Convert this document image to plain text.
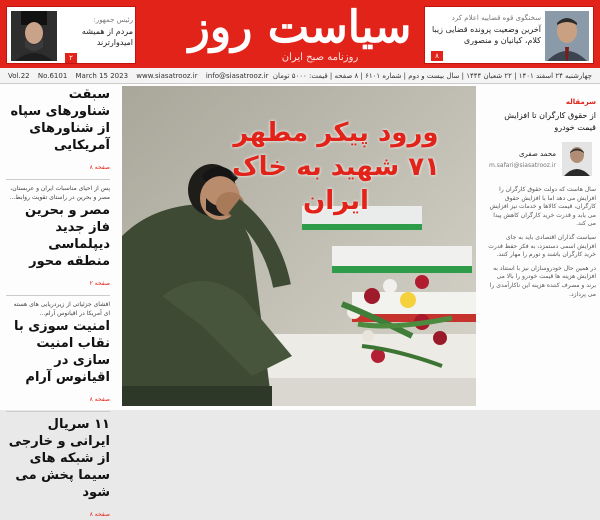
رئیس جمهور:
مردم از همیشه امیدوارترند
۲
سیاست روز
روزنامه صبح ایران
سخنگوی قوه قضاییه اعلام کرد
آخرین وضعیت پرونده قضایی زیبا کلام، کیانیان و منصوری
۸
Vol.22 No.6101 March 15 2023 www.siasatrooz.ir info@siasatrooz.ir چهارشنبه ۲۴ اسفند ۱۴۰۱ | ۲۲ شعبان ۱۴۴۴ | سال بیست و دوم | شماره ۶۱۰۱ | ۸ صفحه | قیمت: ۵۰۰۰ تومان
سبقت شناورهای سپاه از شناورهای آمریکایی
صفحه ۸
پس از احیای مناسبات ایران و عربستان، مصر و بحرین در راستای تقویت روابط...
مصر و بحرین فاز جدید دیپلماسی منطقه محور
صفحه ۲
افشای جزئیاتی از زیردریایی های هسته ای آمریکا در اقیانوس آرام...
امنیت سوزی با نقاب امنیت سازی در اقیانوس آرام
صفحه ۸
۱۱ سریال ایرانی و خارجی از شبکه های سیما پخش می شود
صفحه ۸
ورود پیکر مطهر ۷۱ شهید به خاک ایران
سرمقاله
از حقوق کارگران تا افزایش قیمت خودرو
محمد صفری
m.safari@siasatrooz.ir

سال هاست که دولت حقوق کارگران را افزایش می دهد اما با افزایش حقوق کارگران، قیمت کالاها و خدمات نیز افزایش می یابد و قدرت خرید کارگران کاهش پیدا می کند.

سیاست گذاران اقتصادی باید به جای افزایش اسمی دستمزد، به فکر حفظ قدرت خرید کارگران باشند و تورم را مهار کنند.

در همین حال خودروسازان نیز با استناد به افزایش هزینه ها قیمت خودرو را بالا می برند و مصرف کننده هزینه این ناکارآمدی را می پردازد.
